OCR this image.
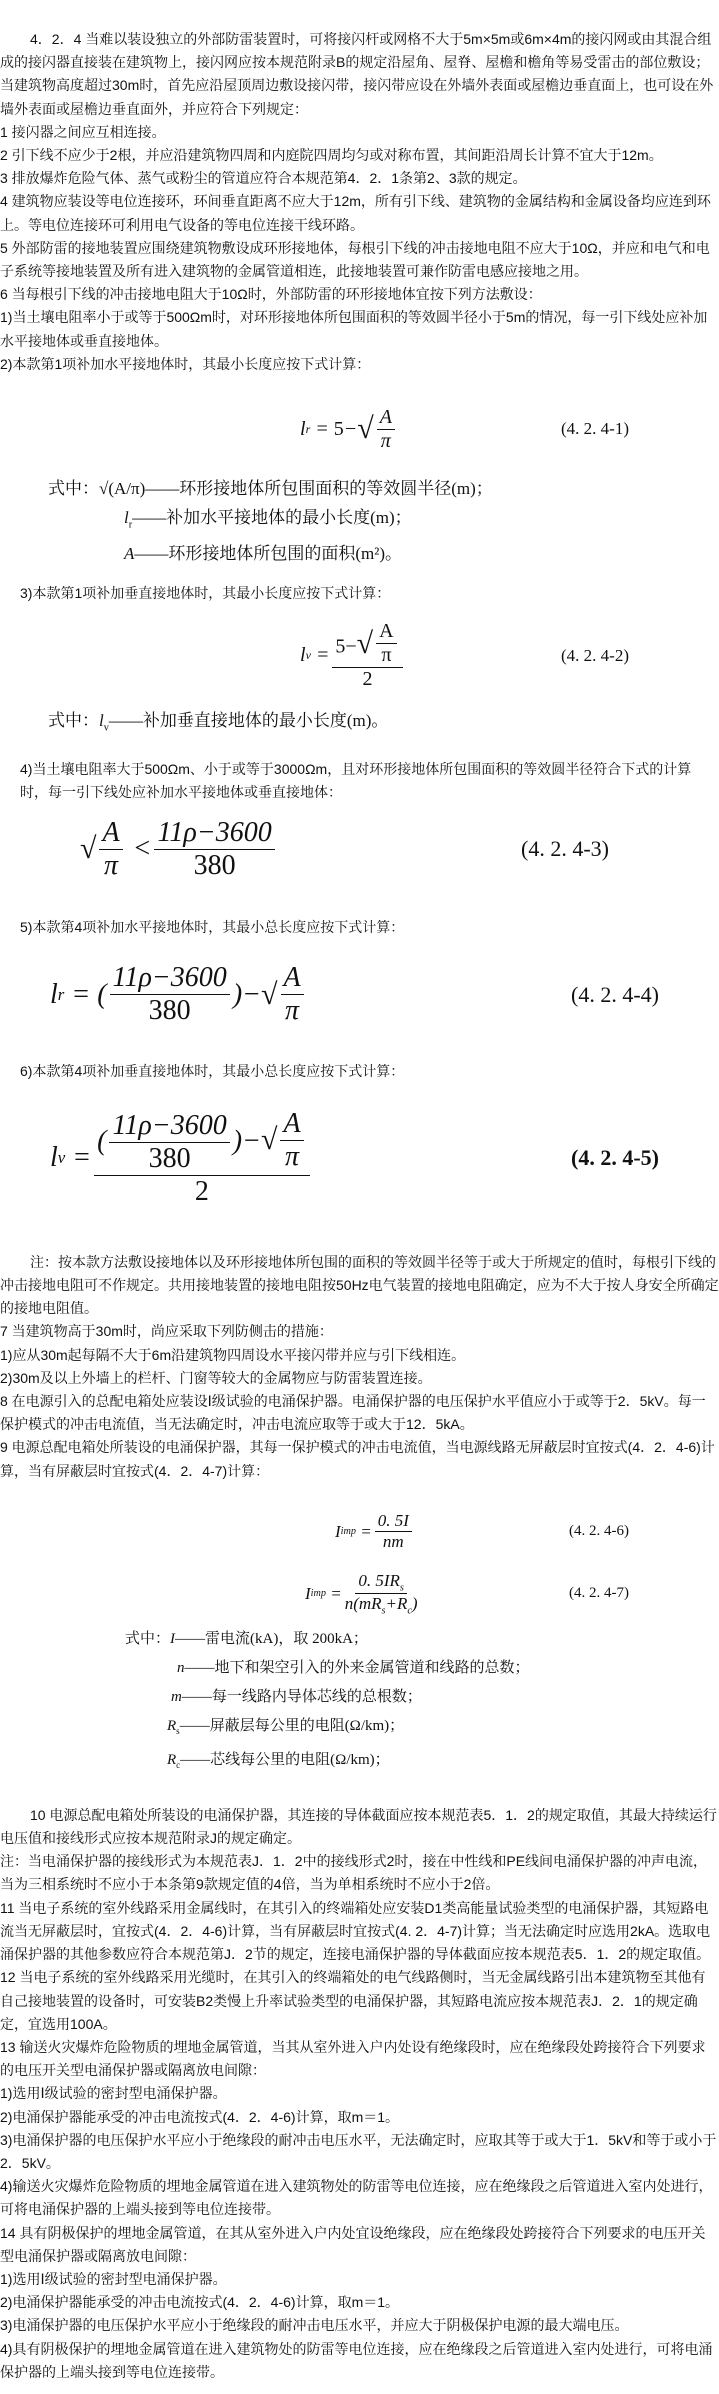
4．2．4 当难以装设独立的外部防雷装置时，可将接闪杆或网格不大于5m×5m或6m×4m的接闪网或由其混合组成的接闪器直接装在建筑物上，接闪网应按本规范附录B的规定沿屋角、屋脊、屋檐和檐角等易受雷击的部位敷设；当建筑物高度超过30m时，首先应沿屋顶周边敷设接闪带，接闪带应设在外墙外表面或屋檐边垂直面上，也可设在外墙外表面或屋檐边垂直面外，并应符合下列规定：

1 接闪器之间应互相连接。

2 引下线不应少于2根，并应沿建筑物四周和内庭院四周均匀或对称布置，其间距沿周长计算不宜大于12m。

3 排放爆炸危险气体、蒸气或粉尘的管道应符合本规范第4．2．1条第2、3款的规定。

4 建筑物应装设等电位连接环，环间垂直距离不应大于12m，所有引下线、建筑物的金属结构和金属设备均应连到环上。等电位连接环可利用电气设备的等电位连接干线环路。

5 外部防雷的接地装置应围绕建筑物敷设成环形接地体，每根引下线的冲击接地电阻不应大于10Ω，并应和电气和电子系统等接地装置及所有进入建筑物的金属管道相连，此接地装置可兼作防雷电感应接地之用。

6 当每根引下线的冲击接地电阻大于10Ω时，外部防雷的环形接地体宜按下列方法敷设：

1)当土壤电阻率小于或等于500Ωm时，对环形接地体所包围面积的等效圆半径小于5m的情况，每一引下线处应补加水平接地体或垂直接地体。

2)本款第1项补加水平接地体时，其最小长度应按下式计算：

l r
=
5 − √ $\frac{A}{\pi}$	(4. 2. 4-1)
式中：√(A/π)——环形接地体所包围面积的等效圆半径(m)；
$l_r——$补加水平接地体的最小长度(m)；
A——环形接地体所包围的面积(m²)。

3)本款第1项补加垂直接地体时，其最小长度应按下式计算：

l v
= $\frac{5- √ \frac{A}{\pi}}{2}$	(4. 2. 4-2)
式中：$l_v——$补加垂直接地体的最小长度(m)。

4)当土壤电阻率大于500Ωm、小于或等于3000Ωm，且对环形接地体所包围面积的等效圆半径符合下式的计算时，每一引下线处应补加水平接地体或垂直接地体：

√ $\frac{A}{\pi}$
< $\frac{11\rho-3600}{380}$	(4. 2. 4-3)

5)本款第4项补加水平接地体时，其最小总长度应按下式计算：

l r
= ( $\frac{11\rho-3600}{380}$ ) − √ $\frac{A}{\pi}$	(4. 2. 4-4)

6)本款第4项补加垂直接地体时，其最小总长度应按下式计算：

l v
= $\frac{( \frac{11\rho-3600}{380} )- √ \frac{A}{\pi}}{2}$	(4. 2. 4-5)

注：按本款方法敷设接地体以及环形接地体所包围的面积的等效圆半径等于或大于所规定的值时，每根引下线的冲击接地电阻可不作规定。共用接地装置的接地电阻按50Hz电气装置的接地电阻确定，应为不大于按人身安全所确定的接地电阻值。

7 当建筑物高于30m时，尚应采取下列防侧击的措施：

1)应从30m起每隔不大于6m沿建筑物四周设水平接闪带并应与引下线相连。

2)30m及以上外墙上的栏杆、门窗等较大的金属物应与防雷装置连接。

8 在电源引入的总配电箱处应装设Ⅰ级试验的电涌保护器。电涌保护器的电压保护水平值应小于或等于2．5kV。每一保护模式的冲击电流值，当无法确定时，冲击电流应取等于或大于12．5kA。

9 电源总配电箱处所装设的电涌保护器，其每一保护模式的冲击电流值，当电源线路无屏蔽层时宜按式(4．2．4-6)计算，当有屏蔽层时宜按式(4．2．4-7)计算：

I imp
= $\frac{0. 5I}{nm}$	(4. 2. 4-6)
I imp
= $\frac{0. 5IR_s}{n(mR_s+R_c)}$	(4. 2. 4-7)
式中：I——雷电流(kA)，取 200kA；
n——地下和架空引入的外来金属管道和线路的总数；
m——每一线路内导体芯线的总根数；
$R_s——$屏蔽层每公里的电阻(Ω/km)；
$R_c——$芯线每公里的电阻(Ω/km)；

10 电源总配电箱处所装设的电涌保护器，其连接的导体截面应按本规范表5．1．2的规定取值，其最大持续运行电压值和接线形式应按本规范附录J的规定确定。

注：当电涌保护器的接线形式为本规范表J．1．2中的接线形式2时，接在中性线和PE线间电涌保护器的冲声电流，当为三相系统时不应小于本条第9款规定值的4倍，当为单相系统时不应小于2倍。

11 当电子系统的室外线路采用金属线时，在其引入的终端箱处应安装D1类高能量试验类型的电涌保护器，其短路电流当无屏蔽层时，宜按式(4．2．4-6)计算，当有屏蔽层时宜按式(4. 2．4-7)计算；当无法确定时应选用2kA。选取电涌保护器的其他参数应符合本规范第J．2节的规定，连接电涌保护器的导体截面应按本规范表5．1．2的规定取值。

12 当电子系统的室外线路采用光缆时，在其引入的终端箱处的电气线路侧时，当无金属线路引出本建筑物至其他有自己接地装置的设备时，可安装B2类慢上升率试验类型的电涌保护器，其短路电流应按本规范表J．2．1的规定确定，宜选用100A。

13 输送火灾爆炸危险物质的埋地金属管道，当其从室外进入户内处设有绝缘段时，应在绝缘段处跨接符合下列要求的电压开关型电涌保护器或隔离放电间隙：

1)选用Ⅰ级试验的密封型电涌保护器。

2)电涌保护器能承受的冲击电流按式(4．2．4-6)计算，取m＝1。

3)电涌保护器的电压保护水平应小于绝缘段的耐冲击电压水平，无法确定时，应取其等于或大于1．5kV和等于或小于2．5kV。

4)输送火灾爆炸危险物质的埋地金属管道在进入建筑物处的防雷等电位连接，应在绝缘段之后管道进入室内处进行，可将电涌保护器的上端头接到等电位连接带。

14 具有阴极保护的埋地金属管道，在其从室外进入户内处宜设绝缘段，应在绝缘段处跨接符合下列要求的电压开关型电涌保护器或隔离放电间隙：

1)选用Ⅰ级试验的密封型电涌保护器。

2)电涌保护器能承受的冲击电流按式(4．2．4-6)计算，取m＝1。

3)电涌保护器的电压保护水平应小于绝缘段的耐冲击电压水平，并应大于阴极保护电源的最大端电压。

4)具有阴极保护的埋地金属管道在进入建筑物处的防雷等电位连接，应在绝缘段之后管道进入室内处进行，可将电涌保护器的上端头接到等电位连接带。
